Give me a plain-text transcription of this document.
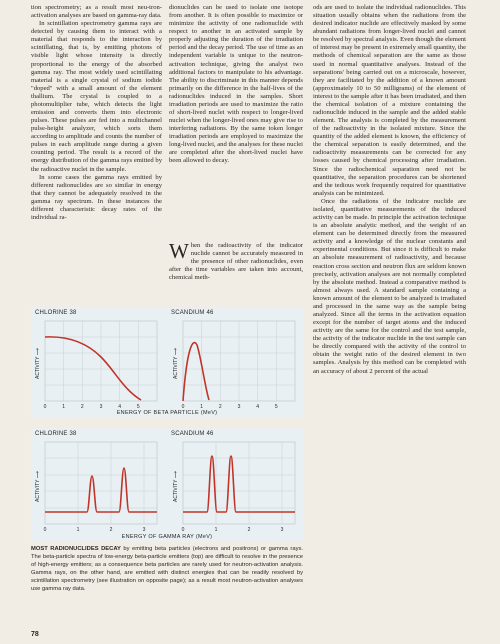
tion spectrometry; as a result most neu-tron-activation analyses are based on gamma-ray data.

In scintillation spectrometry gamma rays are detected by causing them to interact with a material that responds to the interaction by scintillating, that is, by emitting photons of visible light whose intensity is directly proportional to the energy of the absorbed gamma ray. The most widely used scintillating material is a single crystal of sodium iodide "doped" with a small amount of the element thallium. The crystal is coupled to a photomultiplier tube, which detects the light emission and converts them into electronic pulses. These pulses are fed into a multichannel pulse-height analyzer, which sorts them according to amplitude and counts the number of pulses in each amplitude range during a given counting period. The result is a record of the energy distribution of the gamma rays emitted by the radioactive nuclei in the sample.

In some cases the gamma rays emitted by different radionuclides are so similar in energy that they cannot be adequately resolved in the gamma ray spectrum. In these instances the different characteristic decay rates of the individual ra-

dionuclides can be used to isolate one isotope from another. It is often possible to maximize or minimize the activity of one radionuclide with respect to another in an activated sample by properly adjusting the duration of the irradiation period and the decay period. The use of time as an independent variable is unique to the neutron-activation technique, giving the analyst two additional factors to manipulate to his advantage. The ability to discriminate in this manner depends primarily on the difference in the half-lives of the radionuclides induced in the samples. Short irradiation periods are used to maximize the ratio of short-lived nuclei with respect to longer-lived nuclei when the longer-lived ones may give rise to interfering radiations. By the same token longer irradiation periods are employed to maximize the long-lived nuclei, and the analyses for these nuclei are completed after the short-lived nuclei have been allowed to decay.

When the radioactivity of the indicator nuclide cannot be accurately measured in the presence of other radionuclides, even after the time variables are taken into account, chemical meth-

ods are used to isolate the individual radionuclides. This situation usually obtains when the radiations from the desired indicator nuclide are effectively masked by some abundant radiations from longer-lived nuclei and cannot be resolved by spectral analysis. Even though the element of interest may be present in extremely small quantity, the methods of chemical separation are the same as those used in normal quantitative analyses. Instead of the separations' being carried out on a microscale, however, they are facilitated by the addition of a known amount (approximately 10 to 50 milligrams) of the element of interest to the sample after it has been irradiated, and then the chemical isolation of a mixture containing the radionuclide induced in the sample and the added stable element. The analysis is completed by the measurement of the radioactivity in the isolated mixture. Since the quantity of the added element is known, the efficiency of the chemical separation is easily determined, and the radioactivity measurements can be corrected for any losses caused by chemical processing after irradiation. Since the radiochemical separation need not be quantitative, the separation procedures can be shortened and the tedious work frequently required for quantitative analysis can be minimized.

Once the radiations of the indicator nuclide are isolated, quantitative measurements of the induced activity can be made. In principle the activation technique is an absolute analytic method, and the weight of an element can be determined directly from the measured activity and a knowledge of the nuclear constants and experimental conditions. But since it is difficult to make an absolute measurement of radioactivity, and because reaction cross section and neutron flux are seldom known precisely, activation analyses are not normally completed by the absolute method. Instead a comparative method is almost always used. A standard sample containing a known amount of the element to be analyzed is irradiated and processed in the same way as the sample being analyzed. Since all the terms in the activation equation except for the number of target atoms and the induced activity are the same for the control and the test sample, the activity of the indicator nuclide in the test sample can be directly compared with the activity of the control to obtain the weight ratio of the desired element in two samples. Analysis by this method can be completed with an accuracy of about 2 percent of the actual

CHLORINE 38	SCANDIUM 46
ACTIVITY ⟶	ACTIVITY ⟶
0	1	2	3	4	5	0	1	2	3	4	5
ENERGY OF BETA PARTICLE (MeV)
CHLORINE 38	SCANDIUM 46
ACTIVITY ⟶	ACTIVITY ⟶
0	1	2	3	0	1	2	3
ENERGY OF GAMMA RAY (MeV)
MOST RADIONUCLIDES DECAY by emitting beta particles (electrons and positrons) or gamma rays. The beta-particle spectra of low-energy beta-particle emitters (top) are difficult to resolve in the presence of high-energy emitters; as a consequence beta particles are rarely used for neutron-activation analysis. Gamma rays, on the other hand, are emitted with distinct energies that can be readily resolved by scintillation spectrometry (see illustration on opposite page); as a result most neutron-activation analyses use gamma ray data.
78
